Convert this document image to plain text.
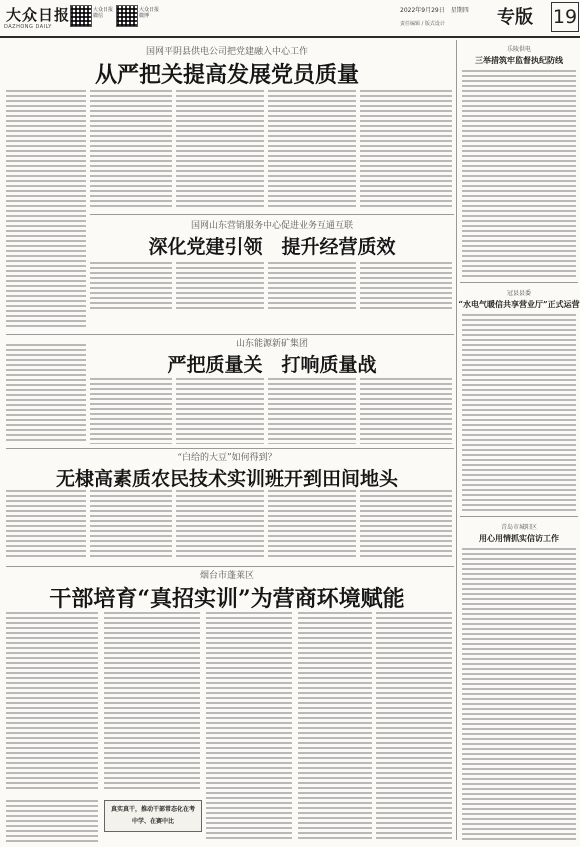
大众日报
DAZHONG DAILY
大众日报 微信
大众日报 微博
2022年9月29日　星期四
责任编辑 / 版式设计	专版 19
国网平阴县供电公司把党建融入中心工作
从严把关提高发展党员质量
国网山东营销服务中心促进业务互通互联
深化党建引领　提升经营质效
山东能源新矿集团
严把质量关　打响质量战
“白给的大豆”如何得到？
无棣高素质农民技术实训班开到田间地头
烟台市蓬莱区
干部培育“真招实训”为营商环境赋能
真实真干，推动干部常态化在考中学、在赛中比
乐陵供电
三举措筑牢监督执纪防线
冠县县委
“水电气暖信共享营业厅”正式运营
青岛市城阳区
用心用情抓实信访工作
